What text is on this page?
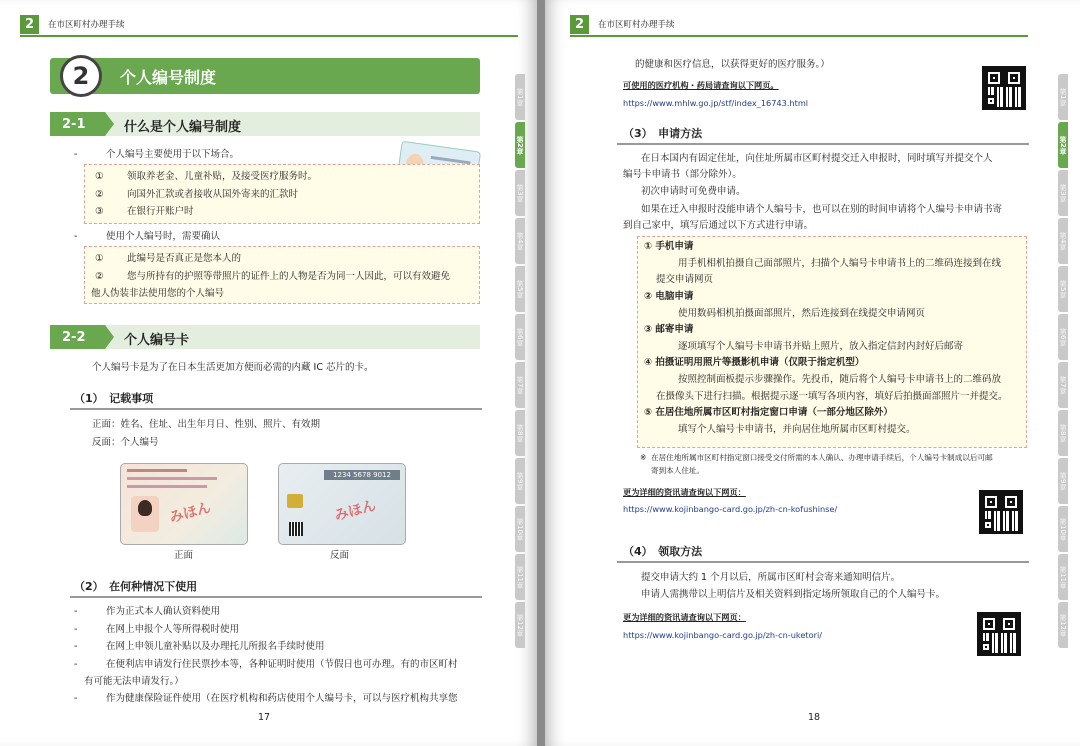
2	在市区町村办理手续
2	个人编号制度
2-1	什么是个人编号制度
-	个人编号主要使用于以下场合。
①	领取养老金、儿童补贴，及接受医疗服务时。
②	向国外汇款或者接收从国外寄来的汇款时
③	在银行开账户时
-	使用个人编号时，需要确认
①	此编号是否真正是您本人的
②	您与所持有的护照等带照片的证件上的人物是否为同一人因此，可以有效避免
他人伪装非法使用您的个人编号
2-2	个人编号卡
个人编号卡是为了在日本生活更加方便而必需的内藏 IC 芯片的卡。
（1）　记载事项
正面：姓名、住址、出生年月日、性别、照片、有效期
反面：个人编号
みほん
正面
1234 5678 9012
みほん
反面
（2）　在何种情况下使用
-	作为正式本人确认资料使用
-	在网上申报个人等所得税时使用
-	在网上申领儿童补贴以及办理托儿所报名手续时使用
-	在便利店申请发行住民票抄本等，各种证明时使用（节假日也可办理。有的市区町村
有可能无法申请发行。）
-	作为健康保险证件使用（在医疗机构和药店使用个人编号卡，可以与医疗机构共享您
17
第1章
第2章
第3章
第4章
第5章
第6章
第7章
第8章
第9章
第10章
第11章
第12章
2	在市区町村办理手续
的健康和医疗信息，以获得更好的医疗服务。）
可使用的医疗机构・药局请查询以下网页。
https://www.mhlw.go.jp/stf/index_16743.html
（3）　申请方法
在日本国内有固定住址，向住址所属市区町村提交迁入申报时，同时填写并提交个人
编号卡申请书（部分除外）。
初次申请时可免费申请。
如果在迁入申报时没能申请个人编号卡，也可以在别的时间申请将个人编号卡申请书寄
到自己家中，填写后通过以下方式进行申请。
① 手机申请
用手机相机拍摄自己面部照片，扫描个人编号卡申请书上的二维码连接到在线
提交申请网页
② 电脑申请
使用数码相机拍摄面部照片，然后连接到在线提交申请网页
③ 邮寄申请
逐项填写个人编号卡申请书并贴上照片，放入指定信封内封好后邮寄
④ 拍摄证明用照片等摄影机申请（仅限于指定机型）
按照控制面板提示步骤操作。先投币，随后将个人编号卡申请书上的二维码放
在摄像头下进行扫描。根据提示逐一填写各项内容，填好后拍摄面部照片一并提交。
⑤ 在居住地所属市区町村指定窗口申请（一部分地区除外）
填写个人编号卡申请书，并向居住地所属市区町村提交。
※ 在居住地所属市区町村指定窗口接受交付所需的本人确认、办理申请手续后，个人编号卡制成以后可邮
寄到本人住址。
更为详细的资讯请查询以下网页：
https://www.kojinbango-card.go.jp/zh-cn-kofushinse/
（4）　领取方法
提交申请大约 1 个月以后，所属市区町村会寄来通知明信片。
申请人需携带以上明信片及相关资料到指定场所领取自己的个人编号卡。
更为详细的资讯请查询以下网页：
https://www.kojinbango-card.go.jp/zh-cn-uketori/
18
第1章
第2章
第3章
第4章
第5章
第6章
第7章
第8章
第9章
第10章
第11章
第12章
